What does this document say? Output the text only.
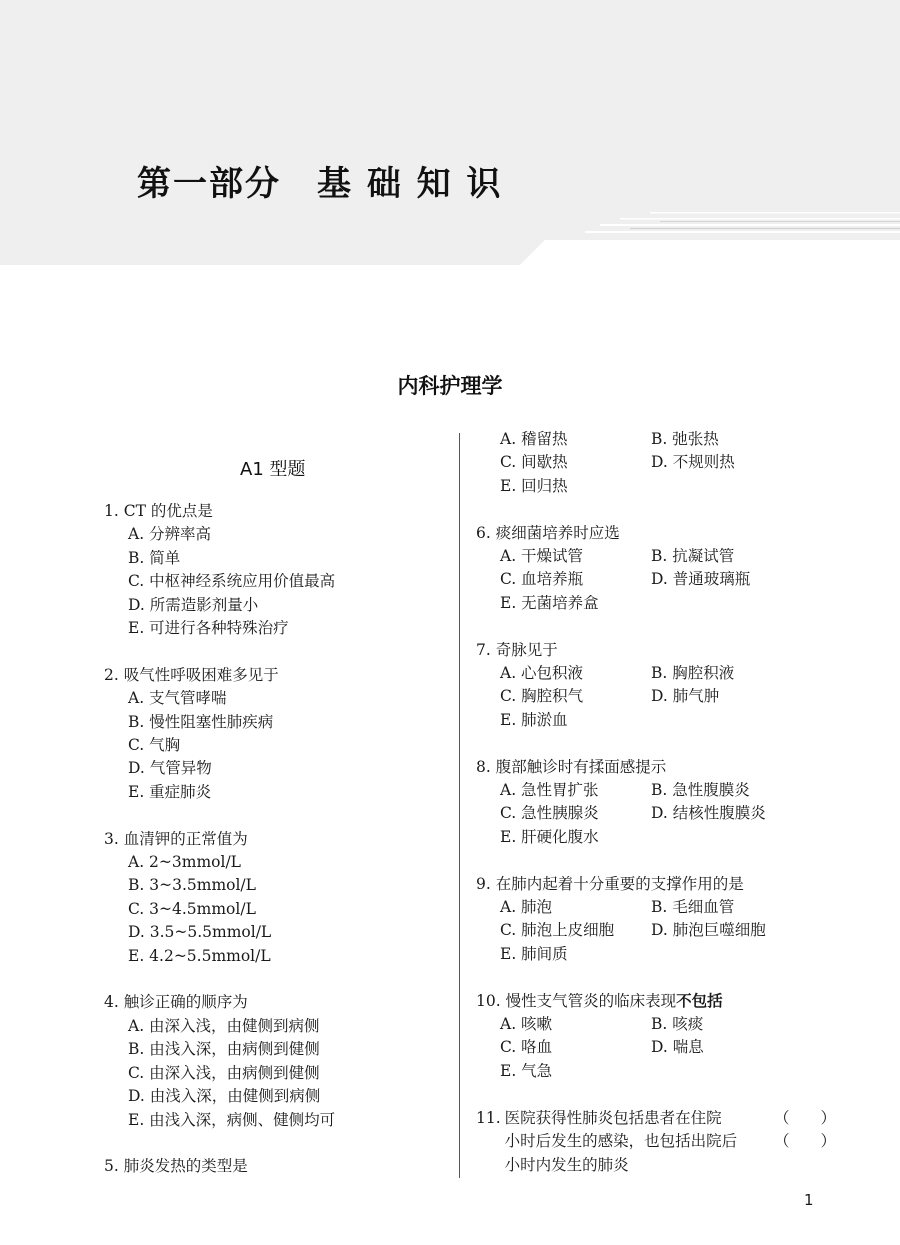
第一部分　基 础 知 识
内科护理学
A1 型题
1.
CT 的优点是
A. 分辨率高
B. 简单
C. 中枢神经系统应用价值最高
D. 所需造影剂量小
E. 可进行各种特殊治疗
2.
吸气性呼吸困难多见于
A. 支气管哮喘
B. 慢性阻塞性肺疾病
C. 气胸
D. 气管异物
E. 重症肺炎
3.
血清钾的正常值为
A. 2~3mmol/L
B. 3~3.5mmol/L
C. 3~4.5mmol/L
D. 3.5~5.5mmol/L
E. 4.2~5.5mmol/L
4.
触诊正确的顺序为
A. 由深入浅，由健侧到病侧
B. 由浅入深，由病侧到健侧
C. 由深入浅，由病侧到健侧
D. 由浅入深，由健侧到病侧
E. 由浅入深，病侧、健侧均可
5.
肺炎发热的类型是
A. 稽留热	B. 弛张热
C. 间歇热	D. 不规则热
E. 回归热
6.
痰细菌培养时应选
A. 干燥试管	B. 抗凝试管
C. 血培养瓶	D. 普通玻璃瓶
E. 无菌培养盒
7.
奇脉见于
A. 心包积液	B. 胸腔积液
C. 胸腔积气	D. 肺气肿
E. 肺淤血
8.
腹部触诊时有揉面感提示
A. 急性胃扩张	B. 急性腹膜炎
C. 急性胰腺炎	D. 结核性腹膜炎
E. 肝硬化腹水
9.
在肺内起着十分重要的支撑作用的是
A. 肺泡	B. 毛细血管
C. 肺泡上皮细胞	D. 肺泡巨噬细胞
E. 肺间质
10.
慢性支气管炎的临床表现不包括
A. 咳嗽	B. 咳痰
C. 咯血	D. 喘息
E. 气急
11. 医院获得性肺炎包括患者在住院	（　　）
小时后发生的感染，也包括出院后 （　　）
小时内发生的肺炎
1
